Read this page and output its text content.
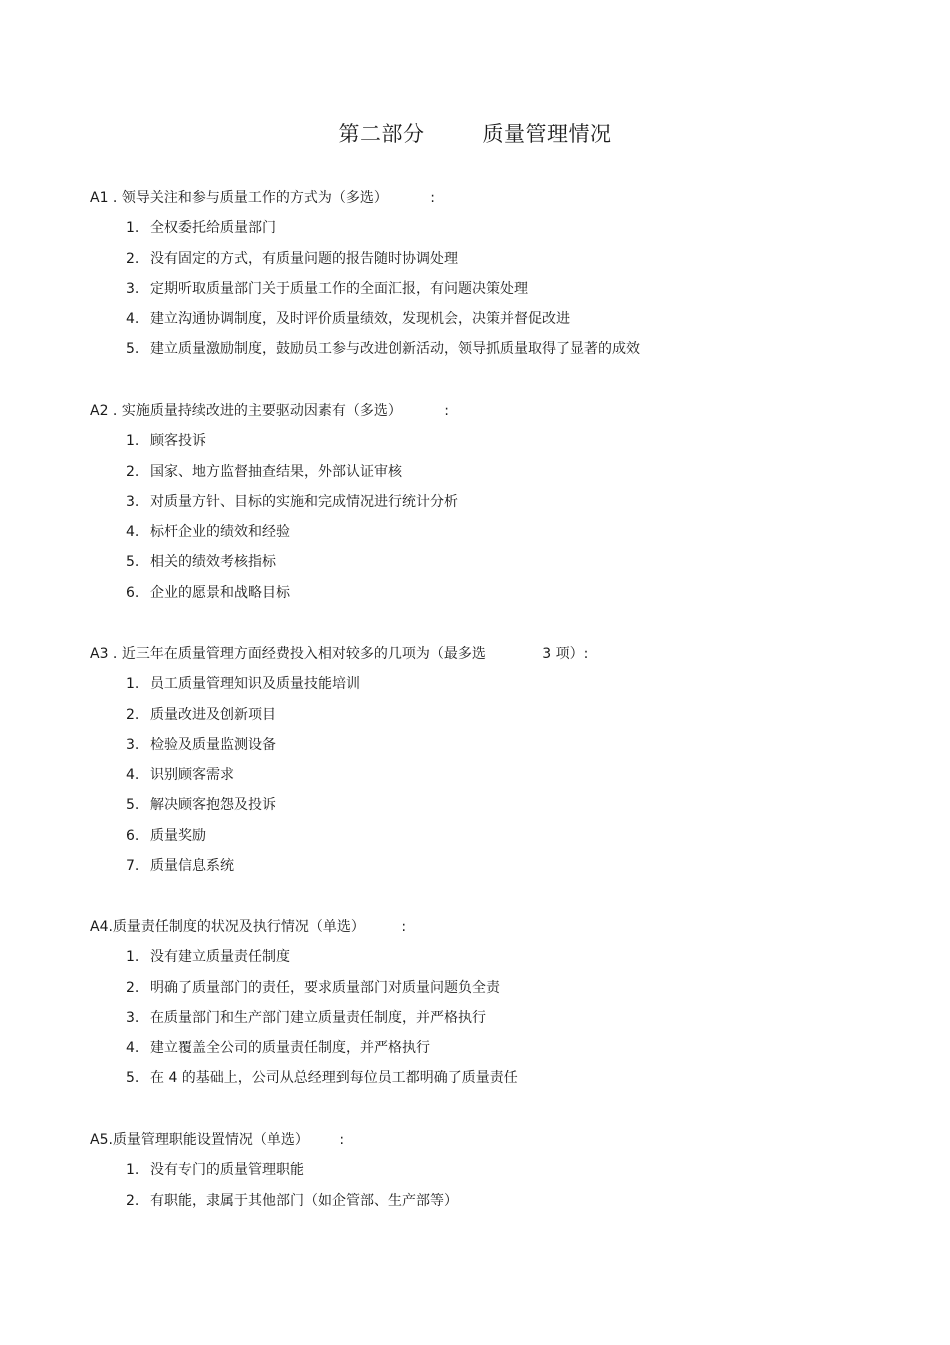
第二部分	质量管理情况
A1 . 领导关注和参与质量工作的方式为（多选）	:
1. 全权委托给质量部门
2. 没有固定的方式，有质量问题的报告随时协调处理
3. 定期听取质量部门关于质量工作的全面汇报，有问题决策处理
4. 建立沟通协调制度，及时评价质量绩效，发现机会，决策并督促改进
5. 建立质量激励制度，鼓励员工参与改进创新活动，领导抓质量取得了显著的成效
A2 . 实施质量持续改进的主要驱动因素有（多选）	:
1. 顾客投诉
2. 国家、地方监督抽查结果，外部认证审核
3. 对质量方针、目标的实施和完成情况进行统计分析
4. 标杆企业的绩效和经验
5. 相关的绩效考核指标
6. 企业的愿景和战略目标
A3 . 近三年在质量管理方面经费投入相对较多的几项为（最多选	3 项）:
1. 员工质量管理知识及质量技能培训
2. 质量改进及创新项目
3. 检验及质量监测设备
4. 识别顾客需求
5. 解决顾客抱怨及投诉
6. 质量奖励
7. 质量信息系统
A4.质量责任制度的状况及执行情况（单选）	:
1. 没有建立质量责任制度
2. 明确了质量部门的责任，要求质量部门对质量问题负全责
3. 在质量部门和生产部门建立质量责任制度，并严格执行
4. 建立覆盖全公司的质量责任制度，并严格执行
5. 在 4 的基础上，公司从总经理到每位员工都明确了质量责任
A5.质量管理职能设置情况（单选） :
1. 没有专门的质量管理职能
2. 有职能，隶属于其他部门（如企管部、生产部等）
